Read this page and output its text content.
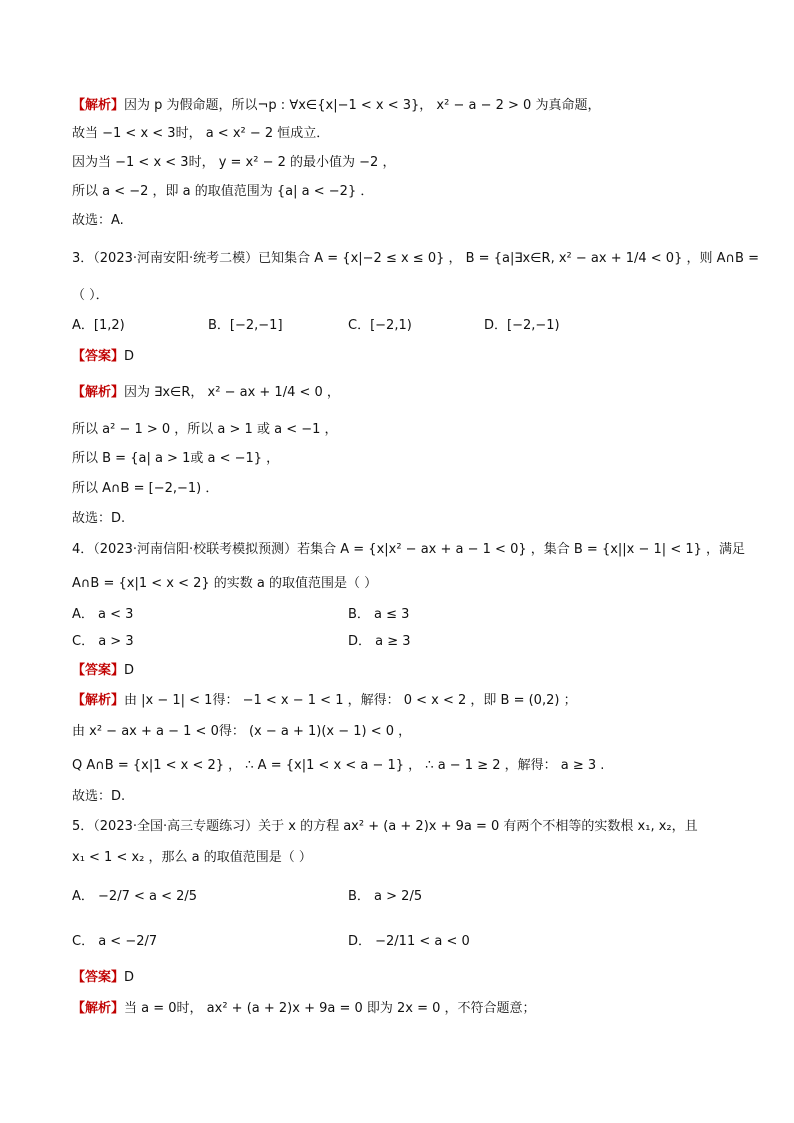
【解析】因为 p 为假命题，所以¬p : ∀x∈{x|−1 < x < 3}， x² − a − 2 > 0 为真命题，
故当 −1 < x < 3时， a < x² − 2 恒成立．
因为当 −1 < x < 3时， y = x² − 2 的最小值为 −2 ，
所以 a < −2 ，即 a 的取值范围为 {a| a < −2} ．
故选：A.
3．（2023·河南安阳·统考二模）已知集合 A = {x|−2 ≤ x ≤ 0} ， B = {a|∃x∈R, x² − ax + 1/4 < 0} ，则 A∩B =
（ ）．
A．[1,2)	B．[−2,−1]	C．[−2,1)	D．[−2,−1)
【答案】D
【解析】因为 ∃x∈R， x² − ax + 1/4 < 0 ，
所以 a² − 1 > 0 ，所以 a > 1 或 a < −1 ，
所以 B = {a| a > 1或 a < −1} ，
所以 A∩B = [−2,−1) ．
故选：D.
4．（2023·河南信阳·校联考模拟预测）若集合 A = {x|x² − ax + a − 1 < 0} ，集合 B = {x||x − 1| < 1} ，满足
A∩B = {x|1 < x < 2} 的实数 a 的取值范围是（ ）
A． a < 3	B． a ≤ 3
C． a > 3	D． a ≥ 3
【答案】D
【解析】由 |x − 1| < 1得： −1 < x − 1 < 1 ，解得： 0 < x < 2 ，即 B = (0,2) ；
由 x² − ax + a − 1 < 0得： (x − a + 1)(x − 1) < 0 ，
Q A∩B = {x|1 < x < 2} ， ∴ A = {x|1 < x < a − 1} ， ∴ a − 1 ≥ 2 ，解得： a ≥ 3 .
故选：D.
5．（2023·全国·高三专题练习）关于 x 的方程 ax² + (a + 2)x + 9a = 0 有两个不相等的实数根 x₁, x₂，且
x₁ < 1 < x₂ ，那么 a 的取值范围是（ ）
A． −2/7 < a < 2/5	B． a > 2/5
C． a < −2/7	D． −2/11 < a < 0
【答案】D
【解析】当 a = 0时， ax² + (a + 2)x + 9a = 0 即为 2x = 0 ，不符合题意；
